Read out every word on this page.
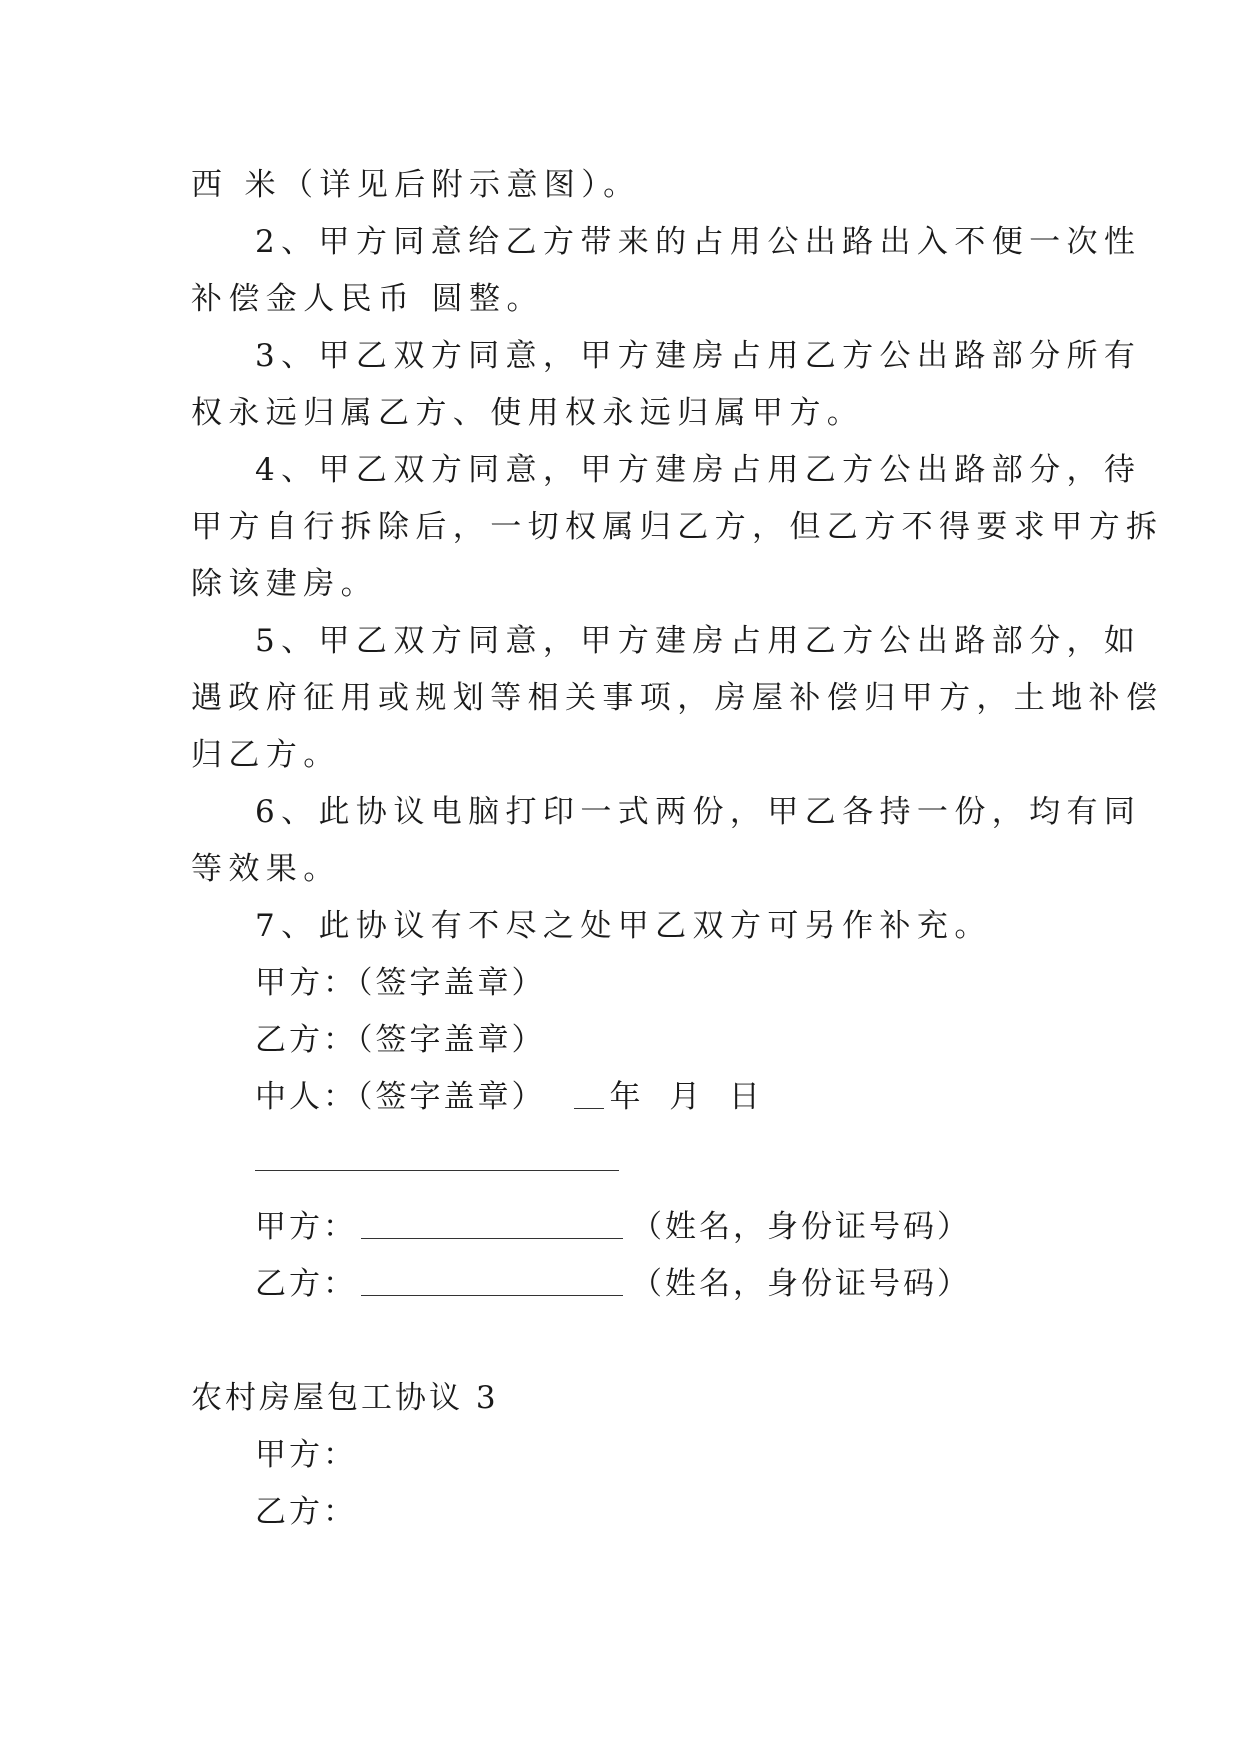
西 米（详见后附示意图）。
2、甲方同意给乙方带来的占用公出路出入不便一次性
补偿金人民币 圆整。
3、甲乙双方同意，甲方建房占用乙方公出路部分所有
权永远归属乙方、使用权永远归属甲方。
4、甲乙双方同意，甲方建房占用乙方公出路部分，待
甲方自行拆除后，一切权属归乙方，但乙方不得要求甲方拆
除该建房。
5、甲乙双方同意，甲方建房占用乙方公出路部分，如
遇政府征用或规划等相关事项，房屋补偿归甲方，土地补偿
归乙方。
6、此协议电脑打印一式两份，甲乙各持一份，均有同
等效果。
7、此协议有不尽之处甲乙双方可另作补充。
甲方：（签字盖章）
乙方：（签字盖章）
中人：（签字盖章） 年  月  日
甲方：	（姓名，身份证号码）
乙方：	（姓名，身份证号码）
农村房屋包工协议 3
甲方：
乙方：
